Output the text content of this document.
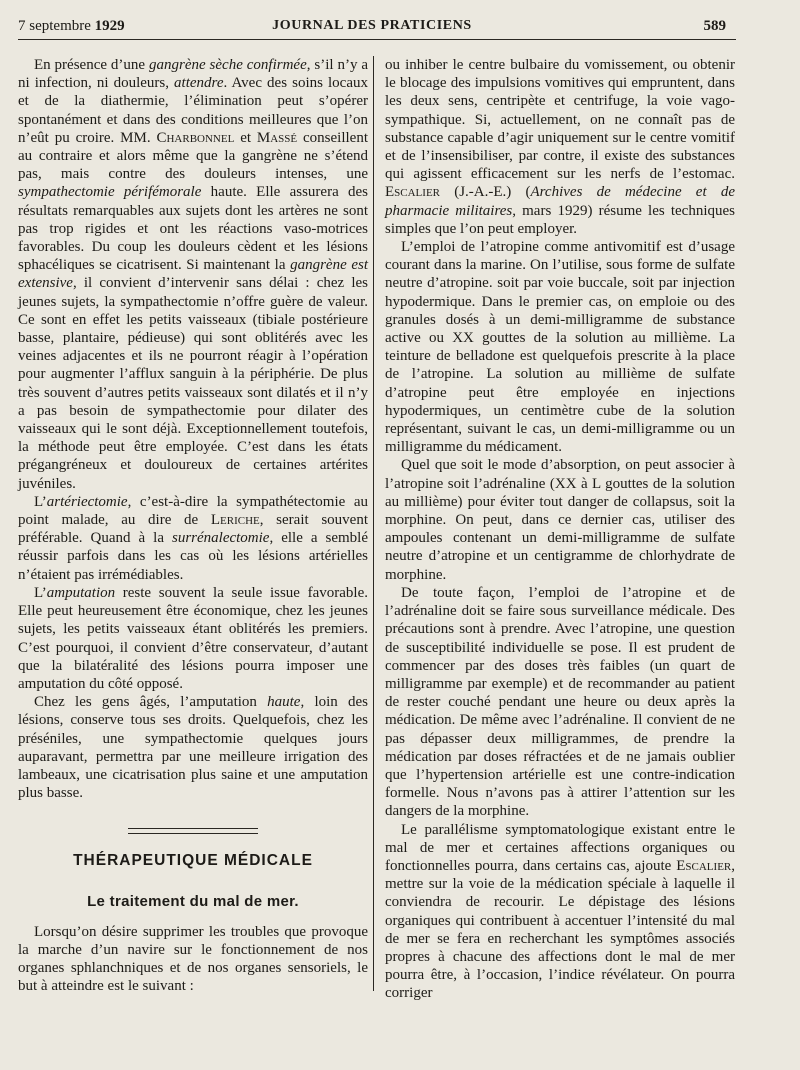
7 septembre 1929	JOURNAL DES PRATICIENS	589

En présence d’une gangrène sèche confirmée, s’il n’y a ni infection, ni douleurs, attendre. Avec des soins locaux et de la diathermie, l’élimination peut s’opérer spontanément et dans des conditions meilleures que l’on n’eût pu croire. MM. Charbonnel et Massé conseillent au contraire et alors même que la gangrène ne s’étend pas, mais contre des douleurs intenses, une sympathectomie périfémorale haute. Elle assurera des résultats remarquables aux sujets dont les artères ne sont pas trop rigides et ont les réactions vaso-motrices favorables. Du coup les douleurs cèdent et les lésions sphacéliques se cicatrisent. Si maintenant la gangrène est extensive, il convient d’intervenir sans délai : chez les jeunes sujets, la sympathectomie n’offre guère de valeur. Ce sont en effet les petits vaisseaux (tibiale postérieure basse, plantaire, pédieuse) qui sont oblitérés avec les veines adjacentes et ils ne pourront réagir à l’opération pour augmenter l’afflux sanguin à la périphérie. De plus très souvent d’autres petits vaisseaux sont dilatés et il n’y a pas besoin de sympathectomie pour dilater des vaisseaux qui le sont déjà. Exceptionnellement toutefois, la méthode peut être employée. C’est dans les états prégangréneux et douloureux de certaines artérites juvéniles.

L’artériectomie, c’est-à-dire la sympathétectomie au point malade, au dire de Leriche, serait souvent préférable. Quand à la surrénalectomie, elle a semblé réussir parfois dans les cas où les lésions artérielles n’étaient pas irrémédiables.

L’amputation reste souvent la seule issue favorable. Elle peut heureusement être économique, chez les jeunes sujets, les petits vaisseaux étant oblitérés les premiers. C’est pourquoi, il convient d’être conservateur, d’autant que la bilatéralité des lésions pourra imposer une amputation du côté opposé.

Chez les gens âgés, l’amputation haute, loin des lésions, conserve tous ses droits. Quelquefois, chez les préséniles, une sympathectomie quelques jours auparavant, permettra par une meilleure irrigation des lambeaux, une cicatrisation plus saine et une amputation plus basse.

THÉRAPEUTIQUE MÉDICALE
Le traitement du mal de mer.

Lorsqu’on désire supprimer les troubles que provoque la marche d’un navire sur le fonctionnement de nos organes sphlanchniques et de nos organes sensoriels, le but à atteindre est le suivant :

ou inhiber le centre bulbaire du vomissement, ou obtenir le blocage des impulsions vomitives qui empruntent, dans les deux sens, centripète et centrifuge, la voie vago-sympathique. Si, actuellement, on ne connaît pas de substance capable d’agir uniquement sur le centre vomitif et de l’insensibiliser, par contre, il existe des substances qui agissent efficacement sur les nerfs de l’estomac. Escalier (J.-A.-E.) (Archives de médecine et de pharmacie militaires, mars 1929) résume les techniques simples que l’on peut employer.

L’emploi de l’atropine comme antivomitif est d’usage courant dans la marine. On l’utilise, sous forme de sulfate neutre d’atropine. soit par voie buccale, soit par injection hypodermique. Dans le premier cas, on emploie ou des granules dosés à un demi-milligramme de substance active ou XX gouttes de la solution au millième. La teinture de belladone est quelquefois prescrite à la place de l’atropine. La solution au millième de sulfate d’atropine peut être employée en injections hypodermiques, un centimètre cube de la solution représentant, suivant le cas, un demi-milligramme ou un milligramme du médicament.

Quel que soit le mode d’absorption, on peut associer à l’atropine soit l’adrénaline (XX à L gouttes de la solution au millième) pour éviter tout danger de collapsus, soit la morphine. On peut, dans ce dernier cas, utiliser des ampoules contenant un demi-milligramme de sulfate neutre d’atropine et un centigramme de chlorhydrate de morphine.

De toute façon, l’emploi de l’atropine et de l’adrénaline doit se faire sous surveillance médicale. Des précautions sont à prendre. Avec l’atropine, une question de susceptibilité individuelle se pose. Il est prudent de commencer par des doses très faibles (un quart de milligramme par exemple) et de recommander au patient de rester couché pendant une heure ou deux après la médication. De même avec l’adrénaline. Il convient de ne pas dépasser deux milligrammes, de prendre la médication par doses réfractées et de ne jamais oublier que l’hypertension artérielle est une contre-indication formelle. Nous n’avons pas à attirer l’attention sur les dangers de la morphine.

Le parallélisme symptomatologique existant entre le mal de mer et certaines affections organiques ou fonctionnelles pourra, dans certains cas, ajoute Escalier, mettre sur la voie de la médication spéciale à laquelle il conviendra de recourir. Le dépistage des lésions organiques qui contribuent à accentuer l’intensité du mal de mer se fera en recherchant les symptômes associés propres à chacune des affections dont le mal de mer pourra être, à l’occasion, l’indice révélateur. On pourra corriger
